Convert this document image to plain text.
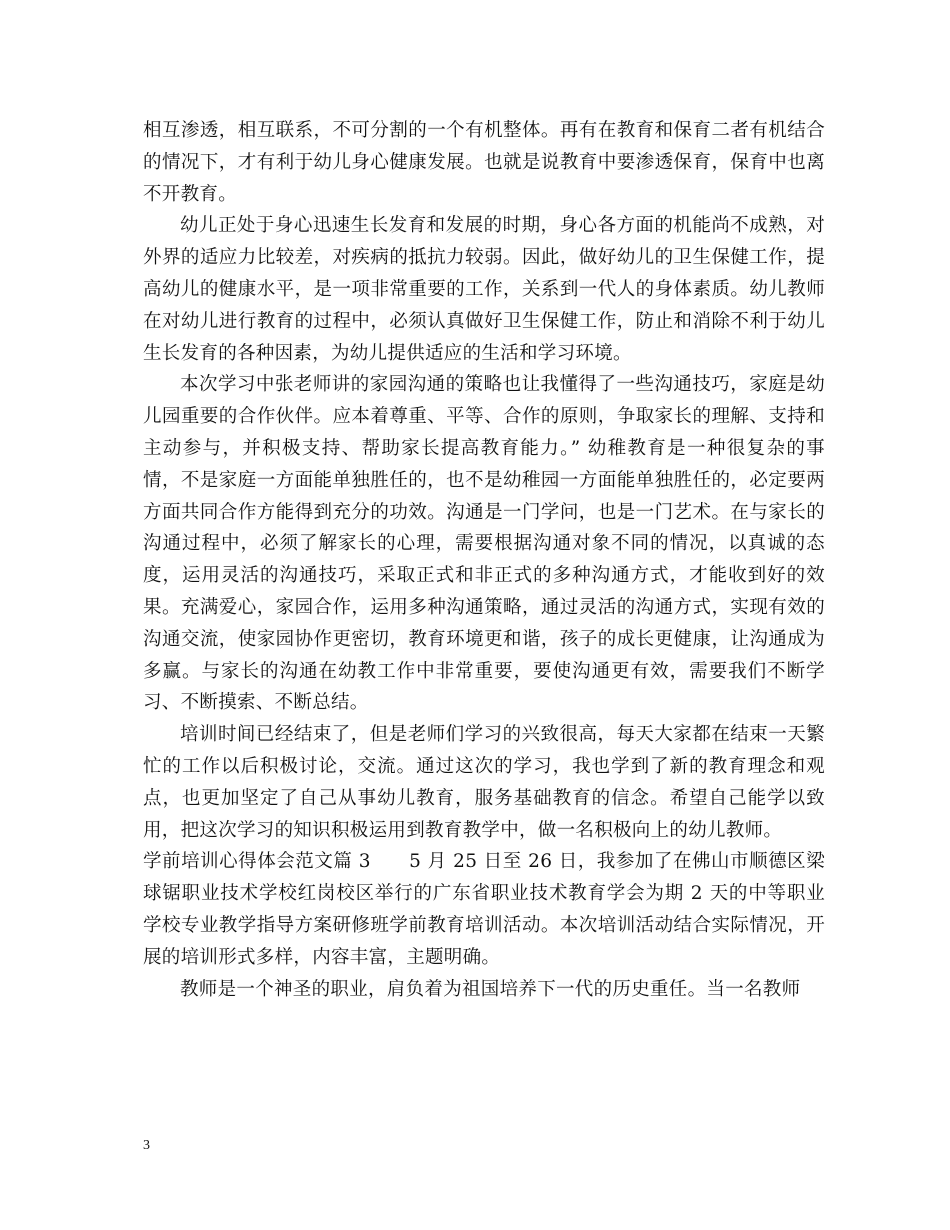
相互渗透，相互联系，不可分割的一个有机整体。再有在教育和保育二者有机结合的情况下，才有利于幼儿身心健康发展。也就是说教育中要渗透保育，保育中也离不开教育。

幼儿正处于身心迅速生长发育和发展的时期，身心各方面的机能尚不成熟，对外界的适应力比较差，对疾病的抵抗力较弱。因此，做好幼儿的卫生保健工作，提高幼儿的健康水平，是一项非常重要的工作，关系到一代人的身体素质。幼儿教师在对幼儿进行教育的过程中，必须认真做好卫生保健工作，防止和消除不利于幼儿生长发育的各种因素，为幼儿提供适应的生活和学习环境。

本次学习中张老师讲的家园沟通的策略也让我懂得了一些沟通技巧，家庭是幼儿园重要的合作伙伴。应本着尊重、平等、合作的原则，争取家长的理解、支持和主动参与，并积极支持、帮助家长提高教育能力。” 幼稚教育是一种很复杂的事情，不是家庭一方面能单独胜任的，也不是幼稚园一方面能单独胜任的，必定要两方面共同合作方能得到充分的功效。沟通是一门学问，也是一门艺术。在与家长的沟通过程中，必须了解家长的心理，需要根据沟通对象不同的情况，以真诚的态度，运用灵活的沟通技巧，采取正式和非正式的多种沟通方式，才能收到好的效果。充满爱心，家园合作，运用多种沟通策略，通过灵活的沟通方式，实现有效的沟通交流，使家园协作更密切，教育环境更和谐，孩子的成长更健康，让沟通成为多赢。与家长的沟通在幼教工作中非常重要，要使沟通更有效，需要我们不断学习、不断摸索、不断总结。

培训时间已经结束了，但是老师们学习的兴致很高，每天大家都在结束一天繁忙的工作以后积极讨论，交流。通过这次的学习，我也学到了新的教育理念和观点，也更加坚定了自己从事幼儿教育，服务基础教育的信念。希望自己能学以致用，把这次学习的知识积极运用到教育教学中，做一名积极向上的幼儿教师。

学前培训心得体会范文篇 3　　5 月 25 日至 26 日，我参加了在佛山市顺德区梁球锯职业技术学校红岗校区举行的广东省职业技术教育学会为期 2 天的中等职业学校专业教学指导方案研修班学前教育培训活动。本次培训活动结合实际情况，开展的培训形式多样，内容丰富，主题明确。

教师是一个神圣的职业，肩负着为祖国培养下一代的历史重任。当一名教师

3
